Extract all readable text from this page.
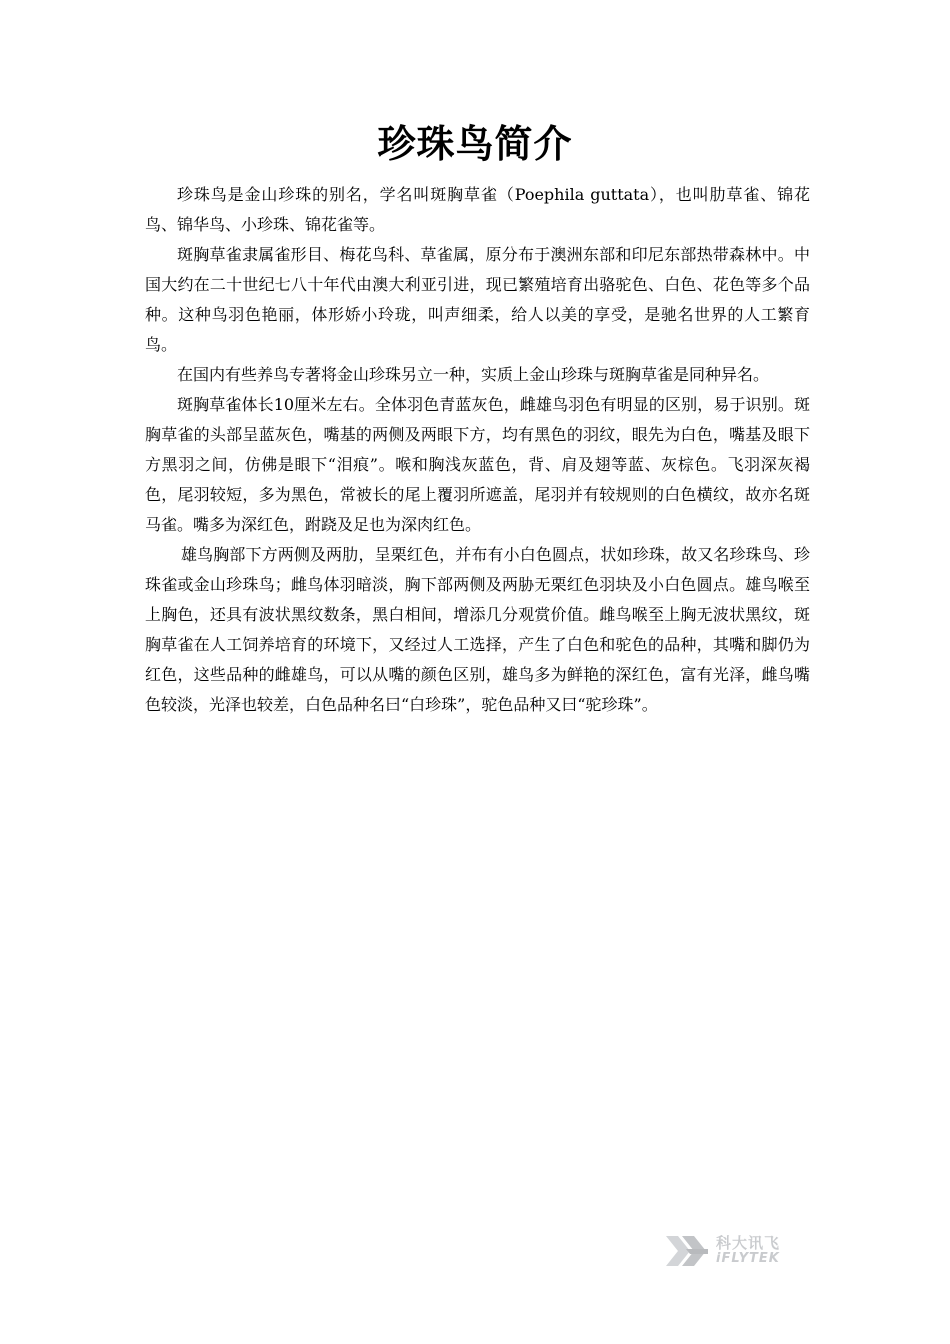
珍珠鸟简介

珍珠鸟是金山珍珠的别名，学名叫斑胸草雀（Poephila guttata），也叫肋草雀、锦花鸟、锦华鸟、小珍珠、锦花雀等。

斑胸草雀隶属雀形目、梅花鸟科、草雀属，原分布于澳洲东部和印尼东部热带森林中。中国大约在二十世纪七八十年代由澳大利亚引进，现已繁殖培育出骆驼色、白色、花色等多个品种。这种鸟羽色艳丽，体形娇小玲珑，叫声细柔，给人以美的享受，是驰名世界的人工繁育鸟。

在国内有些养鸟专著将金山珍珠另立一种，实质上金山珍珠与斑胸草雀是同种异名。

斑胸草雀体长10厘米左右。全体羽色青蓝灰色，雌雄鸟羽色有明显的区别，易于识别。斑胸草雀的头部呈蓝灰色，嘴基的两侧及两眼下方，均有黑色的羽纹，眼先为白色，嘴基及眼下方黑羽之间，仿佛是眼下“泪痕”。喉和胸浅灰蓝色，背、肩及翅等蓝、灰棕色。飞羽深灰褐色，尾羽较短，多为黑色，常被长的尾上覆羽所遮盖，尾羽并有较规则的白色横纹，故亦名斑马雀。嘴多为深红色，跗跷及足也为深肉红色。

雄鸟胸部下方两侧及两肋，呈栗红色，并布有小白色圆点，状如珍珠，故又名珍珠鸟、珍珠雀或金山珍珠鸟；雌鸟体羽暗淡，胸下部两侧及两胁无栗红色羽块及小白色圆点。雄鸟喉至上胸色，还具有波状黑纹数条，黑白相间，增添几分观赏价值。雌鸟喉至上胸无波状黑纹，斑胸草雀在人工饲养培育的环境下，又经过人工选择，产生了白色和驼色的品种，其嘴和脚仍为红色，这些品种的雌雄鸟，可以从嘴的颜色区别，雄鸟多为鲜艳的深红色，富有光泽，雌鸟嘴色较淡，光泽也较差，白色品种名曰“白珍珠”，驼色品种又曰“驼珍珠”。

科大讯飞
iFLYTEK
